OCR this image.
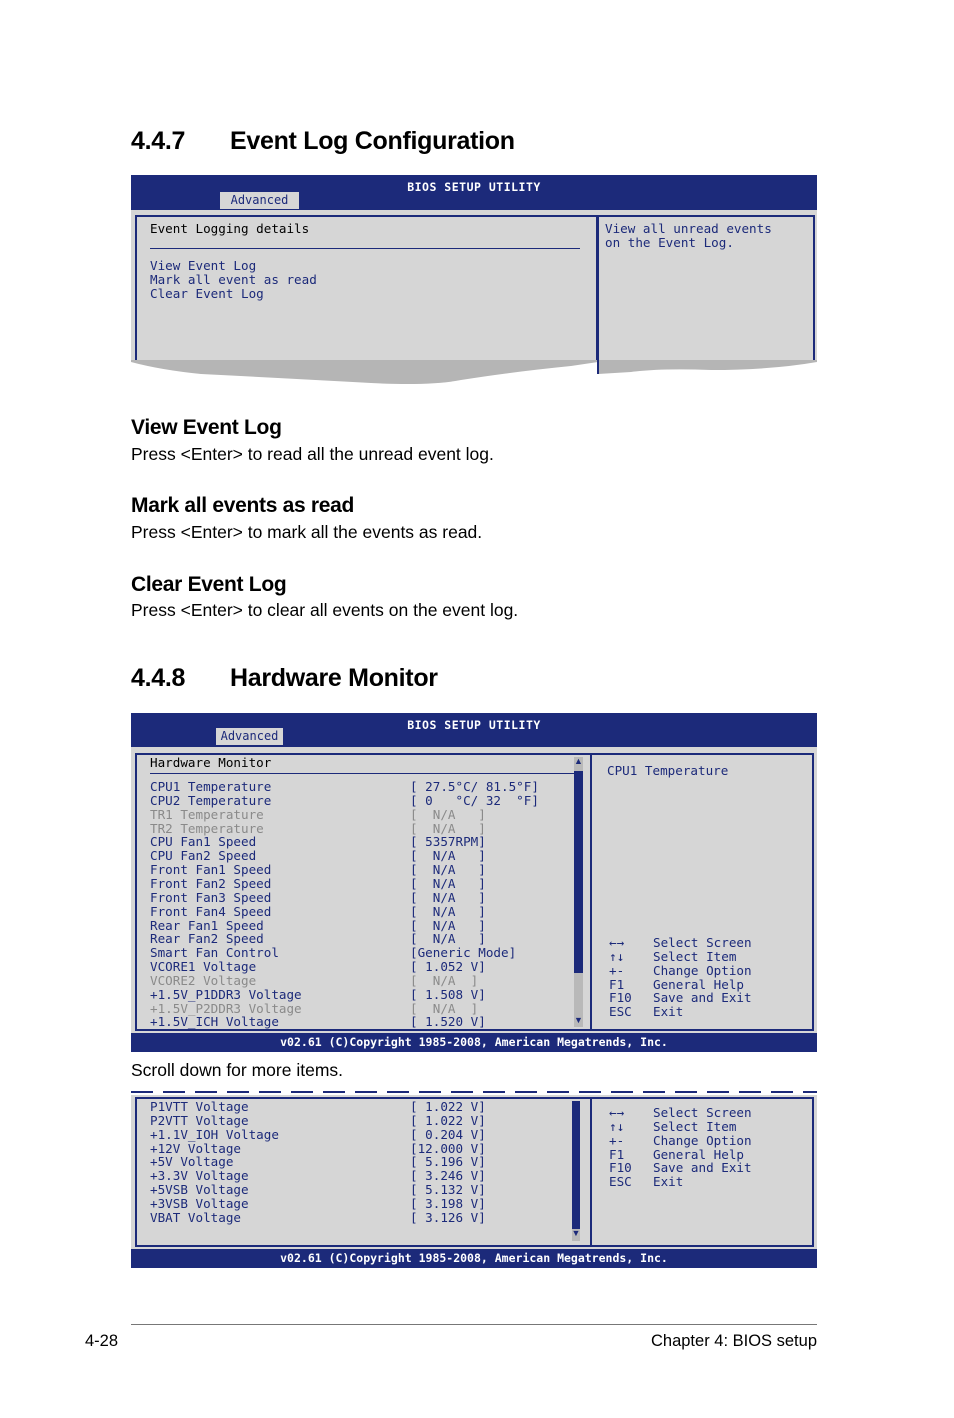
4.4.7 Event Log Configuration
BIOS SETUP UTILITY
Advanced
Event Logging details
View Event Log
Mark all event as read
Clear Event Log
View all unread events
on the Event Log.
View Event Log
Press <Enter> to read all the unread event log.
Mark all events as read
Press <Enter> to mark all the events as read.
Clear Event Log
Press <Enter> to clear all events on the event log.
4.4.8 Hardware Monitor
BIOS SETUP UTILITY
Advanced
Hardware Monitor	▲
▼
CPU1 Temperature	[ 27.5°C/ 81.5°F]
CPU2 Temperature	[ 0   °C/ 32  °F]
TR1 Temperature	[  N/A   ]
TR2 Temperature	[  N/A   ]
CPU Fan1 Speed	[ 5357RPM]
CPU Fan2 Speed	[  N/A   ]
Front Fan1 Speed	[  N/A   ]
Front Fan2 Speed	[  N/A   ]
Front Fan3 Speed	[  N/A   ]
Front Fan4 Speed	[  N/A   ]
Rear Fan1 Speed	[  N/A   ]
Rear Fan2 Speed	[  N/A   ]
Smart Fan Control	[Generic Mode]
VCORE1 Voltage	[ 1.052 V]
VCORE2 Voltage	[  N/A  ]
+1.5V_P1DDR3 Voltage	[ 1.508 V]
+1.5V_P2DDR3 Voltage	[  N/A  ]
+1.5V_ICH Voltage	[ 1.520 V]
CPU1 Temperature
←→ Select Screen
↑↓ Select Item
+- Change Option
F1 General Help
F10 Save and Exit
ESC Exit
v02.61 (C)Copyright 1985-2008, American Megatrends, Inc.
Scroll down for more items.
▼
P1VTT Voltage	[ 1.022 V]
P2VTT Voltage	[ 1.022 V]
+1.1V_IOH Voltage	[ 0.204 V]
+12V Voltage	[12.000 V]
+5V Voltage	[ 5.196 V]
+3.3V Voltage	[ 3.246 V]
+5VSB Voltage	[ 5.132 V]
+3VSB Voltage	[ 3.198 V]
VBAT Voltage	[ 3.126 V]
←→ Select Screen
↑↓ Select Item
+- Change Option
F1 General Help
F10 Save and Exit
ESC Exit
v02.61 (C)Copyright 1985-2008, American Megatrends, Inc.
4-28	Chapter 4: BIOS setup
